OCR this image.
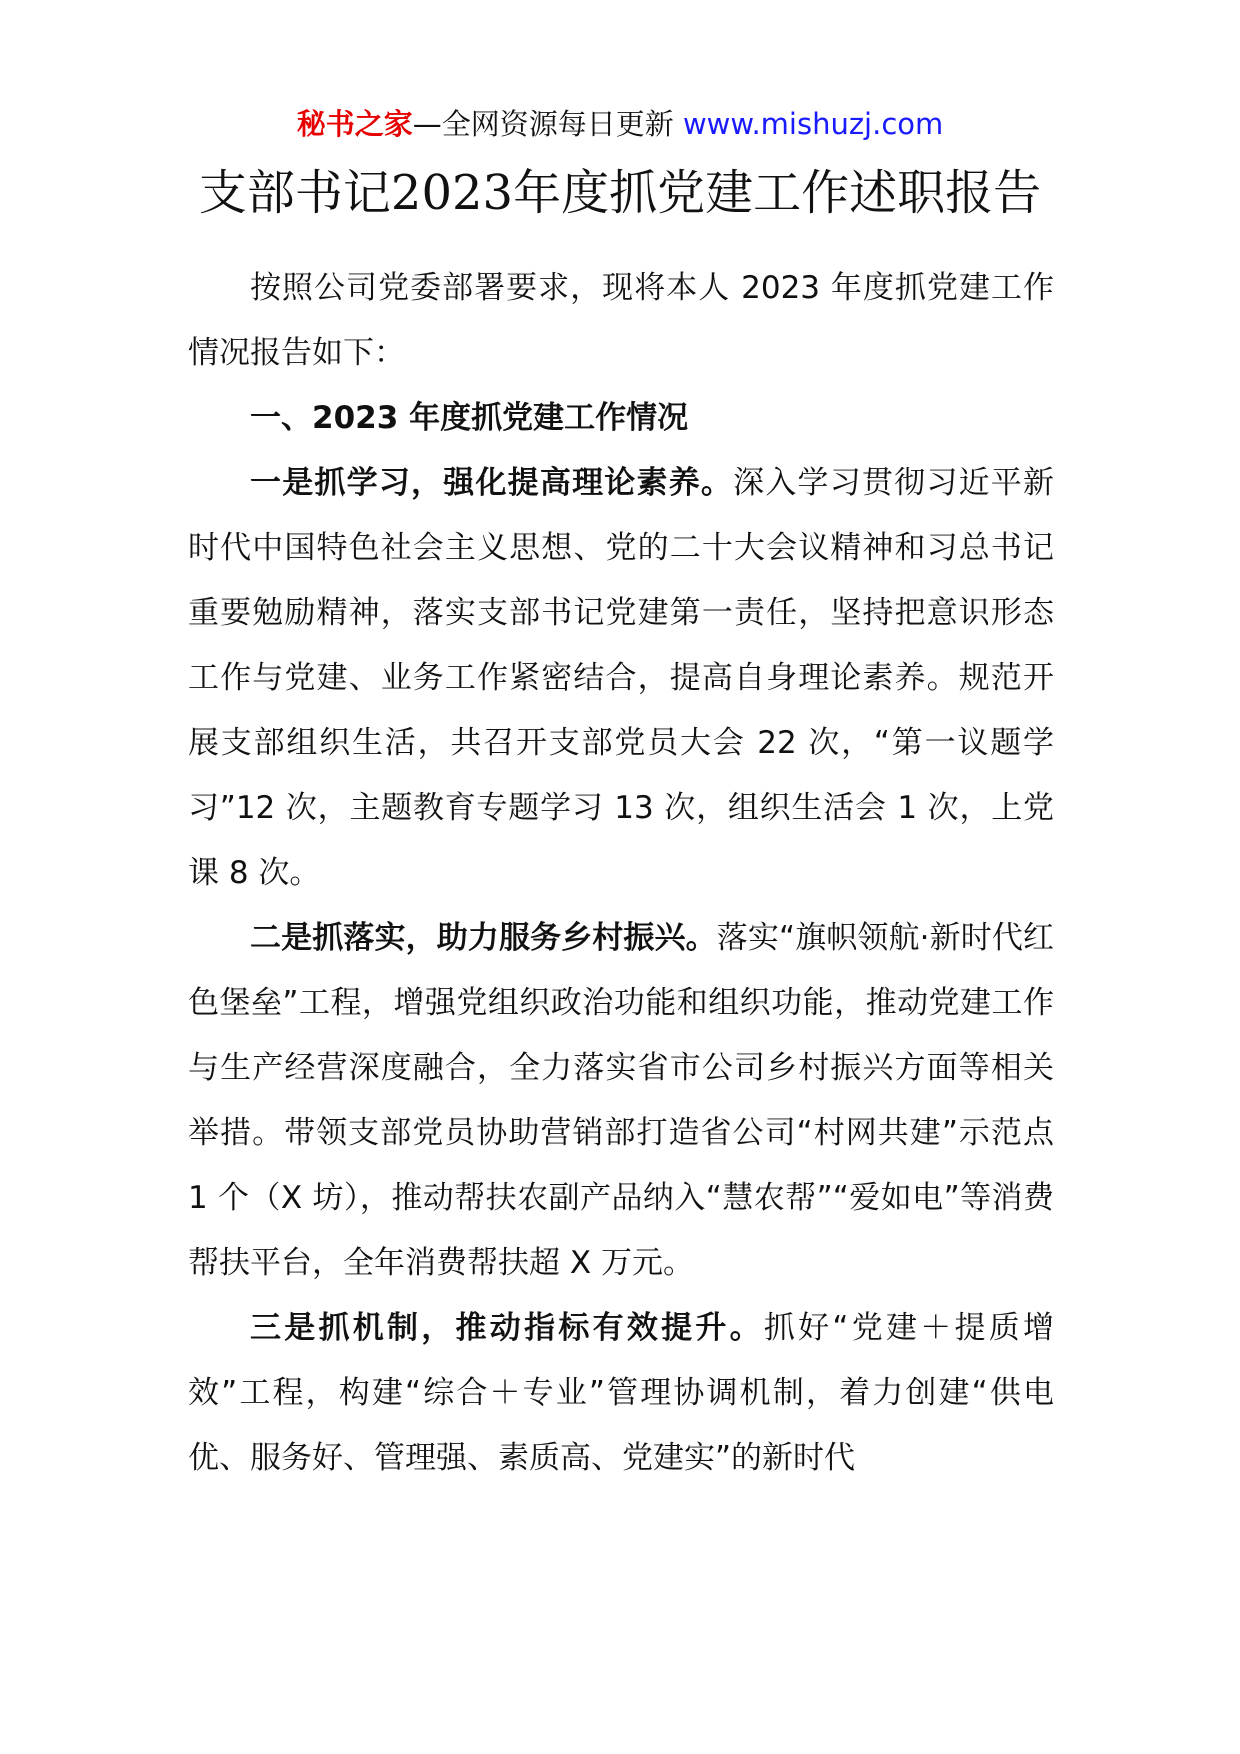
秘书之家—全网资源每日更新 www.mishuzj.com
支部书记2023年度抓党建工作述职报告

按照公司党委部署要求，现将本人 2023 年度抓党建工作情况报告如下：

一、2023 年度抓党建工作情况

一是抓学习，强化提高理论素养。深入学习贯彻习近平新时代中国特色社会主义思想、党的二十大会议精神和习总书记重要勉励精神，落实支部书记党建第一责任，坚持把意识形态工作与党建、业务工作紧密结合，提高自身理论素养。规范开展支部组织生活，共召开支部党员大会 22 次，“第一议题学习”12 次，主题教育专题学习 13 次，组织生活会 1 次，上党课 8 次。

二是抓落实，助力服务乡村振兴。落实“旗帜领航·新时代红色堡垒”工程，增强党组织政治功能和组织功能，推动党建工作与生产经营深度融合，全力落实省市公司乡村振兴方面等相关举措。带领支部党员协助营销部打造省公司“村网共建”示范点 1 个（X 坊），推动帮扶农副产品纳入“慧农帮”“爱如电”等消费帮扶平台，全年消费帮扶超 X 万元。

三是抓机制，推动指标有效提升。抓好“党建＋提质增效”工程，构建“综合＋专业”管理协调机制，着力创建“供电优、服务好、管理强、素质高、党建实”的新时代
